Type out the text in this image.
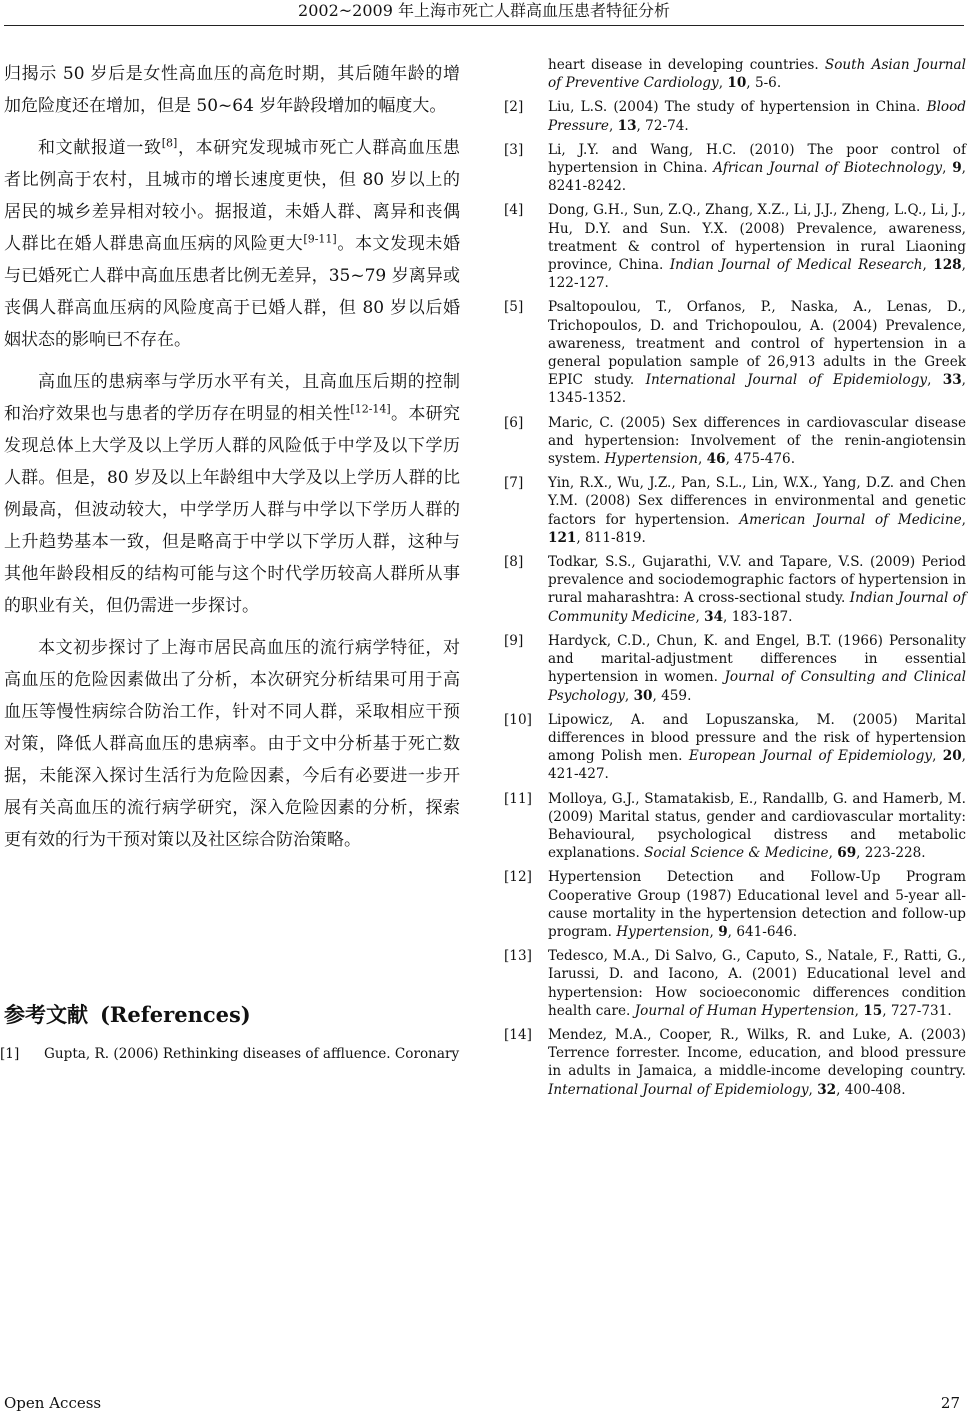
2002~2009 年上海市死亡人群高血压患者特征分析

归揭示 50 岁后是女性高血压的高危时期，其后随年龄的增加危险度还在增加，但是 50~64 岁年龄段增加的幅度大。

和文献报道一致[8]，本研究发现城市死亡人群高血压患者比例高于农村，且城市的增长速度更快，但 80 岁以上的居民的城乡差异相对较小。据报道，未婚人群、离异和丧偶人群比在婚人群患高血压病的风险更大[9-11]。本文发现未婚与已婚死亡人群中高血压患者比例无差异，35~79 岁离异或丧偶人群高血压病的风险度高于已婚人群，但 80 岁以后婚姻状态的影响已不存在。

高血压的患病率与学历水平有关，且高血压后期的控制和治疗效果也与患者的学历存在明显的相关性[12-14]。本研究发现总体上大学及以上学历人群的风险低于中学及以下学历人群。但是，80 岁及以上年龄组中大学及以上学历人群的比例最高，但波动较大，中学学历人群与中学以下学历人群的上升趋势基本一致，但是略高于中学以下学历人群，这种与其他年龄段相反的结构可能与这个时代学历较高人群所从事的职业有关，但仍需进一步探讨。

本文初步探讨了上海市居民高血压的流行病学特征，对高血压的危险因素做出了分析，本次研究分析结果可用于高血压等慢性病综合防治工作，针对不同人群，采取相应干预对策，降低人群高血压的患病率。由于文中分析基于死亡数据，未能深入探讨生活行为危险因素，今后有必要进一步开展有关高血压的流行病学研究，深入危险因素的分析，探索更有效的行为干预对策以及社区综合防治策略。

参考文献 (References)
[1]	Gupta, R. (2006) Rethinking diseases of affluence. Coronary
heart disease in developing countries. South Asian Journal of Preventive Cardiology, 10, 5-6.
[2]	Liu, L.S. (2004) The study of hypertension in China. Blood Pressure, 13, 72-74.
[3]	Li, J.Y. and Wang, H.C. (2010) The poor control of hypertension in China. African Journal of Biotechnology, 9, 8241-8242.
[4]	Dong, G.H., Sun, Z.Q., Zhang, X.Z., Li, J.J., Zheng, L.Q., Li, J., Hu, D.Y. and Sun. Y.X. (2008) Prevalence, awareness, treatment & control of hypertension in rural Liaoning province, China. Indian Journal of Medical Research, 128, 122-127.
[5]	Psaltopoulou, T., Orfanos, P., Naska, A., Lenas, D., Trichopoulos, D. and Trichopoulou, A. (2004) Prevalence, awareness, treatment and control of hypertension in a general population sample of 26,913 adults in the Greek EPIC study. International Journal of Epidemiology, 33, 1345-1352.
[6]	Maric, C. (2005) Sex differences in cardiovascular disease and hypertension: Involvement of the renin-angiotensin system. Hypertension, 46, 475-476.
[7]	Yin, R.X., Wu, J.Z., Pan, S.L., Lin, W.X., Yang, D.Z. and Chen Y.M. (2008) Sex differences in environmental and genetic factors for hypertension. American Journal of Medicine, 121, 811-819.
[8]	Todkar, S.S., Gujarathi, V.V. and Tapare, V.S. (2009) Period prevalence and sociodemographic factors of hypertension in rural maharashtra: A cross-sectional study. Indian Journal of Community Medicine, 34, 183-187.
[9]	Hardyck, C.D., Chun, K. and Engel, B.T. (1966) Personality and marital-adjustment differences in essential hypertension in women. Journal of Consulting and Clinical Psychology, 30, 459.
[10]	Lipowicz, A. and Lopuszanska, M. (2005) Marital differences in blood pressure and the risk of hypertension among Polish men. European Journal of Epidemiology, 20, 421-427.
[11]	Molloya, G.J., Stamatakisb, E., Randallb, G. and Hamerb, M. (2009) Marital status, gender and cardiovascular mortality: Behavioural, psychological distress and metabolic explanations. Social Science & Medicine, 69, 223-228.
[12]	Hypertension Detection and Follow-Up Program Cooperative Group (1987) Educational level and 5-year all-cause mortality in the hypertension detection and follow-up program. Hypertension, 9, 641-646.
[13]	Tedesco, M.A., Di Salvo, G., Caputo, S., Natale, F., Ratti, G., Iarussi, D. and Iacono, A. (2001) Educational level and hypertension: How socioeconomic differences condition health care. Journal of Human Hypertension, 15, 727-731.
[14]	Mendez, M.A., Cooper, R., Wilks, R. and Luke, A. (2003) Terrence forrester. Income, education, and blood pressure in adults in Jamaica, a middle-income developing country. International Journal of Epidemiology, 32, 400-408.
Open Access	27
